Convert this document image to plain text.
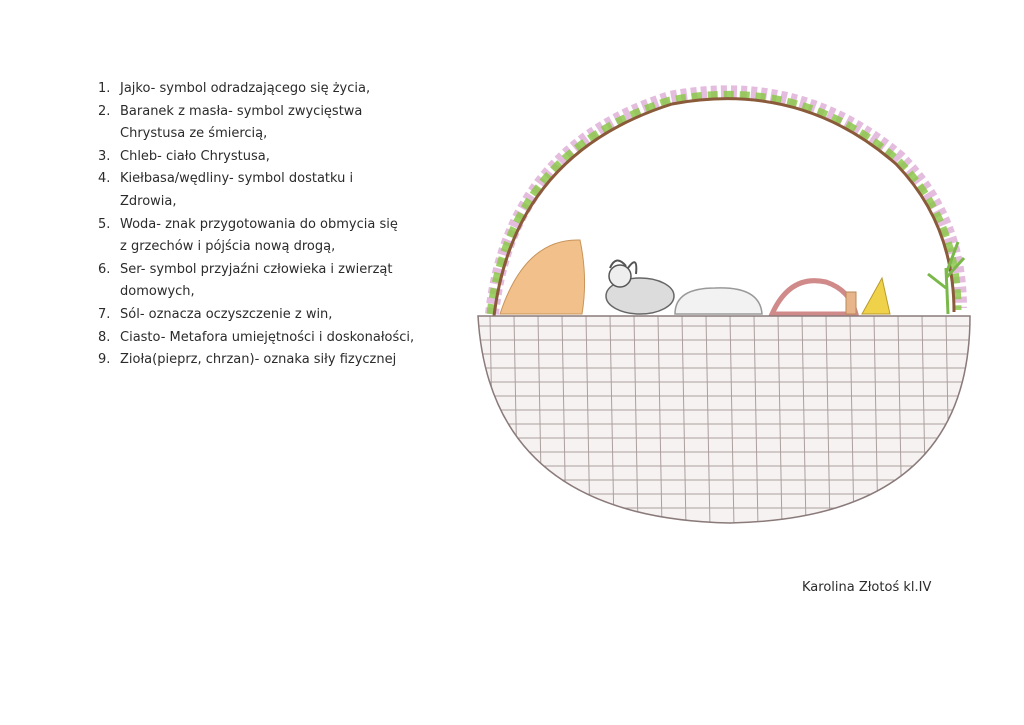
1. Jajko- symbol odradzającego się życia,
2. Baranek z masła- symbol zwycięstwa
Chrystusa ze śmiercią,
3. Chleb- ciało Chrystusa,
4. Kiełbasa/wędliny- symbol dostatku i
Zdrowia,
5. Woda- znak przygotowania do obmycia się
z grzechów i pójścia nową drogą,
6. Ser- symbol przyjaźni człowieka i zwierząt
domowych,
7. Sól- oznacza oczyszczenie z win,
8. Ciasto- Metafora umiejętności i doskonałości,
9. Zioła(pieprz, chrzan)- oznaka siły fizycznej
Karolina Złotoś kl.IV
